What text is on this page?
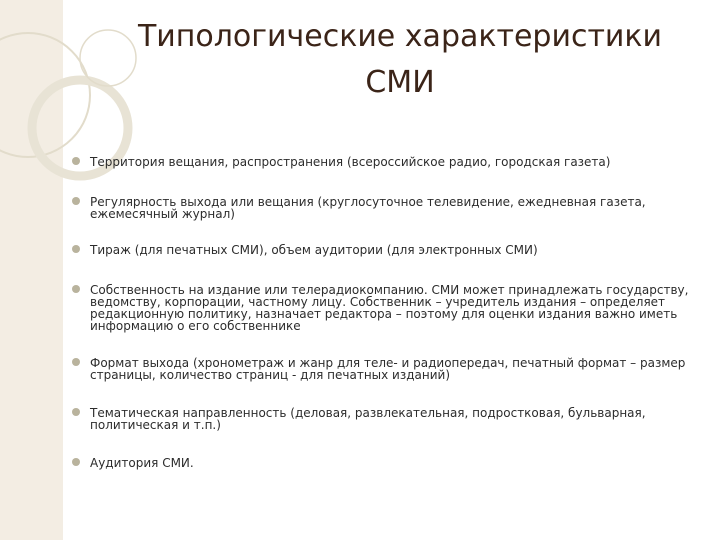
Типологические характеристики
СМИ
Территория вещания, распространения (всероссийское радио, городская газета)
Регулярность выхода или вещания (круглосуточное телевидение, ежедневная газета, ежемесячный журнал)
Тираж (для печатных СМИ), объем аудитории (для электронных СМИ)
Собственность на издание или телерадиокомпанию. СМИ может принадлежать государству, ведомству, корпорации, частному лицу. Собственник – учредитель издания – определяет редакционную политику, назначает редактора – поэтому для оценки издания важно иметь информацию о его собственнике
Формат выхода (хронометраж и жанр для теле- и радиопередач, печатный формат – размер страницы, количество страниц - для печатных изданий)
Тематическая направленность (деловая, развлекательная, подростковая, бульварная, политическая и т.п.)
Аудитория СМИ.
